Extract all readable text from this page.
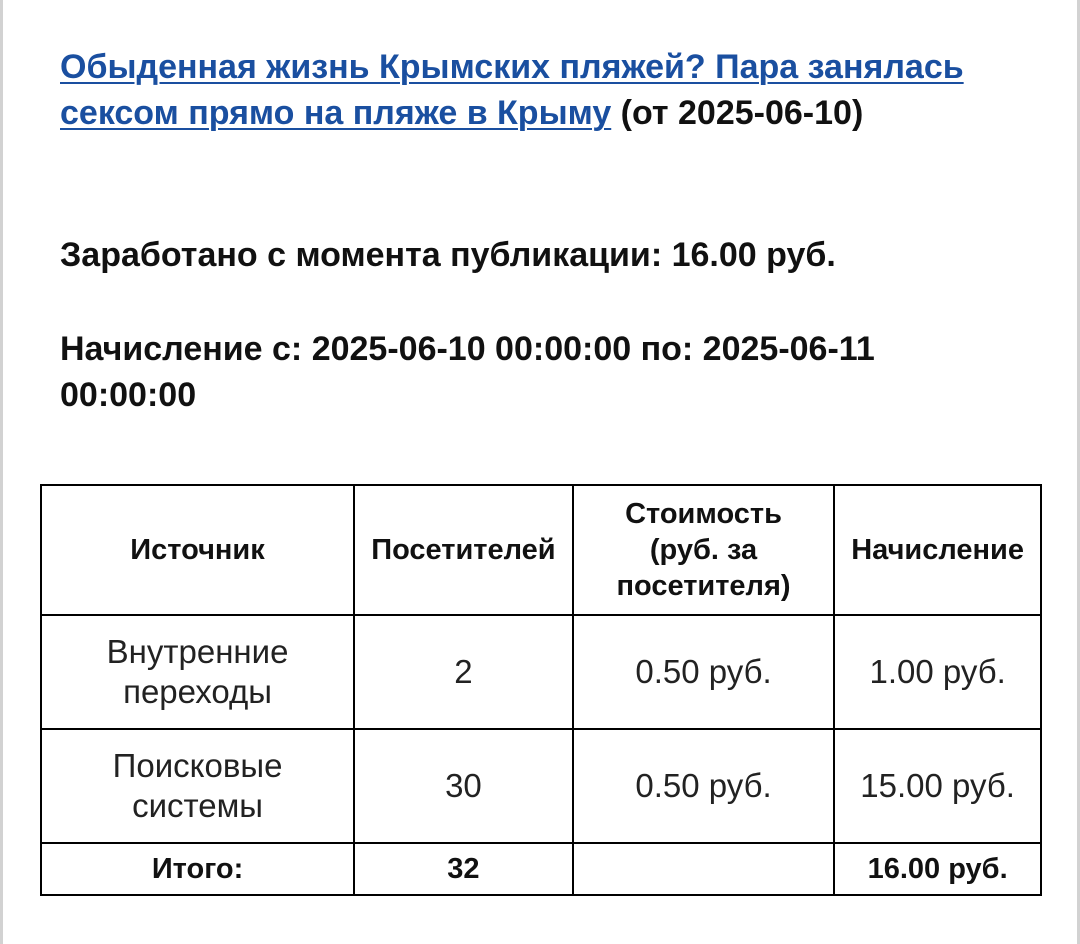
Обыденная жизнь Крымских пляжей? Пара занялась сексом прямо на пляже в Крыму (от 2025-06-10)

Заработано с момента публикации: 16.00 руб.

Начисление с: 2025-06-10 00:00:00 по: 2025-06-11 00:00:00

Источник	Посетителей	Стоимость (руб. за посетителя)	Начисление
Внутренние переходы	2	0.50 руб.	1.00 руб.
Поисковые системы	30	0.50 руб.	15.00 руб.
Итого:	32		16.00 руб.
